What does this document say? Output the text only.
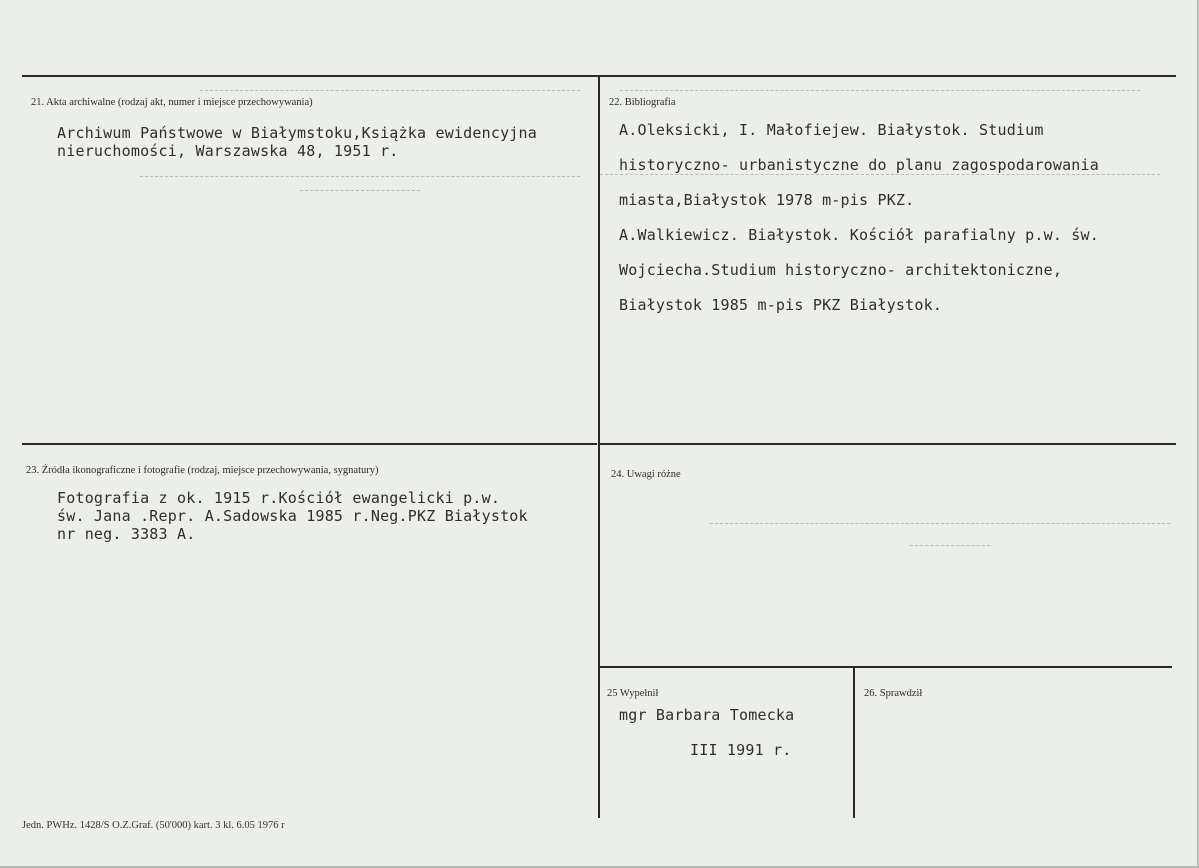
21. Akta archiwalne (rodzaj akt, numer i miejsce przechowywania)
Archiwum Państwowe w Białymstoku,Książka ewidencyjna
nieruchomości, Warszawska 48, 1951 r.
22. Bibliografia
A.Oleksicki, I. Małofiejew. Białystok. Studium
historyczno- urbanistyczne do planu zagospodarowania
miasta,Białystok 1978 m-pis PKZ.
A.Walkiewicz. Białystok. Kościół parafialny p.w. św.
Wojciecha.Studium historyczno- architektoniczne,
Białystok 1985 m-pis PKZ Białystok.
23. Źródła ikonograficzne i fotografie (rodzaj, miejsce przechowywania, sygnatury)
Fotografia z ok. 1915 r.Kościół ewangelicki p.w.
św. Jana .Repr. A.Sadowska 1985 r.Neg.PKZ Białystok
nr neg. 3383 A.
24. Uwagi różne
25 Wypełnił
mgr Barbara Tomecka
III 1991 r.
26. Sprawdził
Jedn. PWHz. 1428/S O.Z.Graf. (50'000) kart. 3 kl. 6.05 1976 r
